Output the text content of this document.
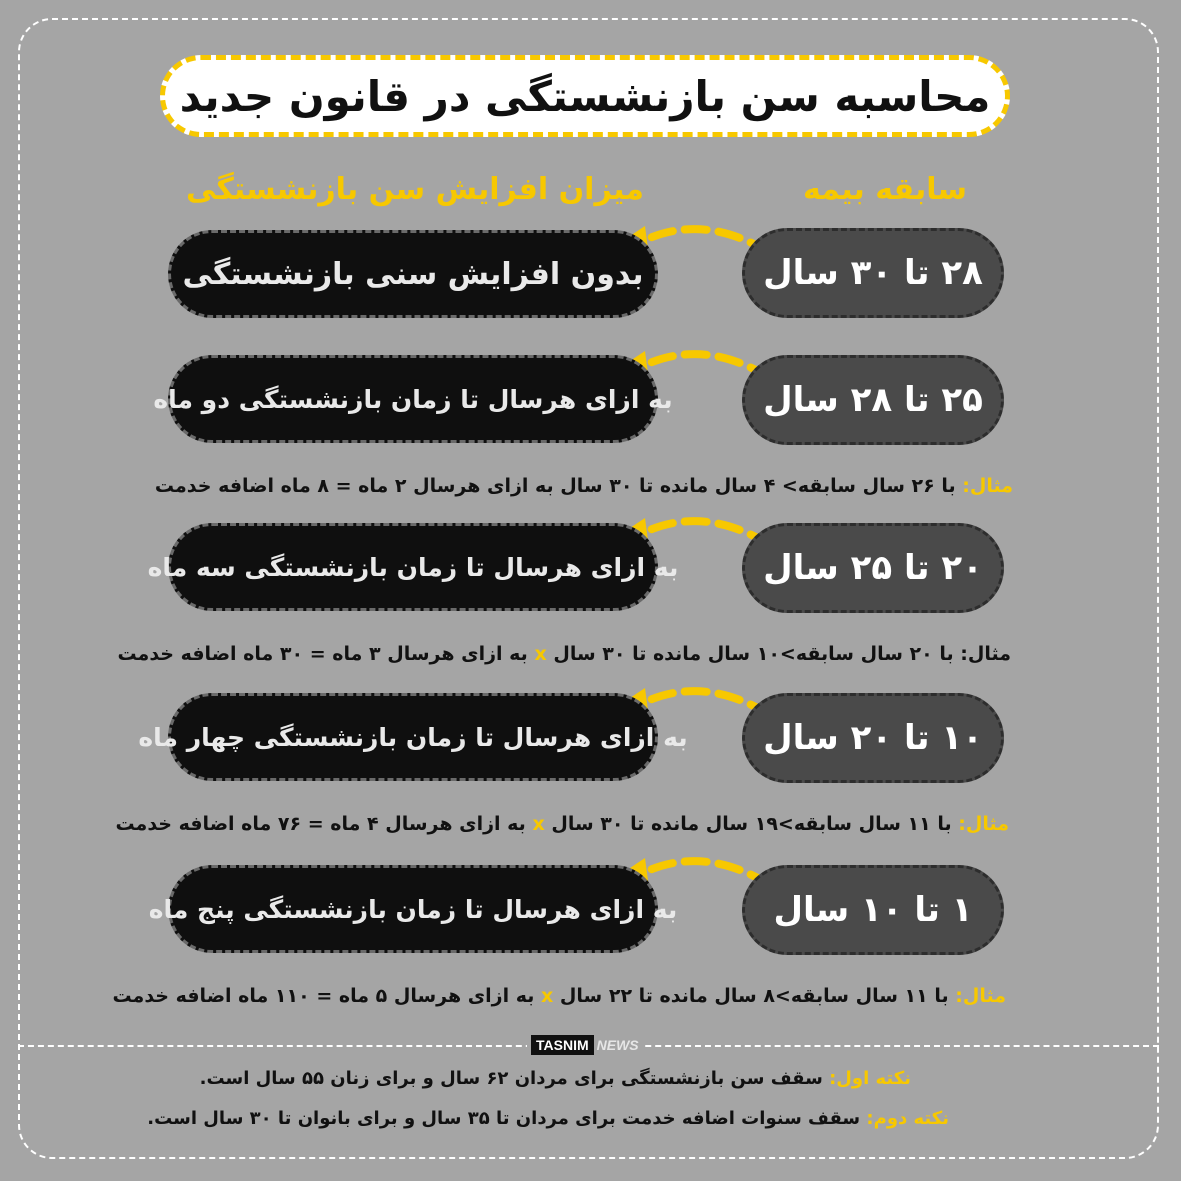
محاسبه سن بازنشستگی در قانون جدید
سابقه بیمه
میزان افزایش سن بازنشستگی
بدون افزایش سنی بازنشستگی	۲۸ تا ۳۰ سال
به ازای هرسال تا زمان بازنشستگی دو ماه	۲۵ تا ۲۸ سال
مثال: با ۲۶ سال سابقه> ۴ سال مانده تا ۳۰ سال به ازای هرسال ۲ ماه = ۸ ماه اضافه خدمت
به ازای هرسال تا زمان بازنشستگی سه ماه ۲۰ تا ۲۵ سال
مثال: با ۲۰ سال سابقه>۱۰ سال مانده تا ۳۰ سال x به ازای هرسال ۳ ماه = ۳۰ ماه اضافه خدمت
به ازای هرسال تا زمان بازنشستگی چهار ماه ۱۰ تا ۲۰ سال
مثال: با ۱۱ سال سابقه>۱۹ سال مانده تا ۳۰ سال x به ازای هرسال ۴ ماه = ۷۶ ماه اضافه خدمت
به ازای هرسال تا زمان بازنشستگی پنج ماه	۱ تا ۱۰ سال
مثال: با ۱۱ سال سابقه>۸ سال مانده تا ۲۲ سال x به ازای هرسال ۵ ماه = ۱۱۰ ماه اضافه خدمت
TASNIM NEWS
نکته اول: سقف سن بازنشستگی برای مردان ۶۲ سال و برای زنان ۵۵ سال است.
نکته دوم: سقف سنوات اضافه خدمت برای مردان تا ۳۵ سال و برای بانوان تا ۳۰ سال است.
